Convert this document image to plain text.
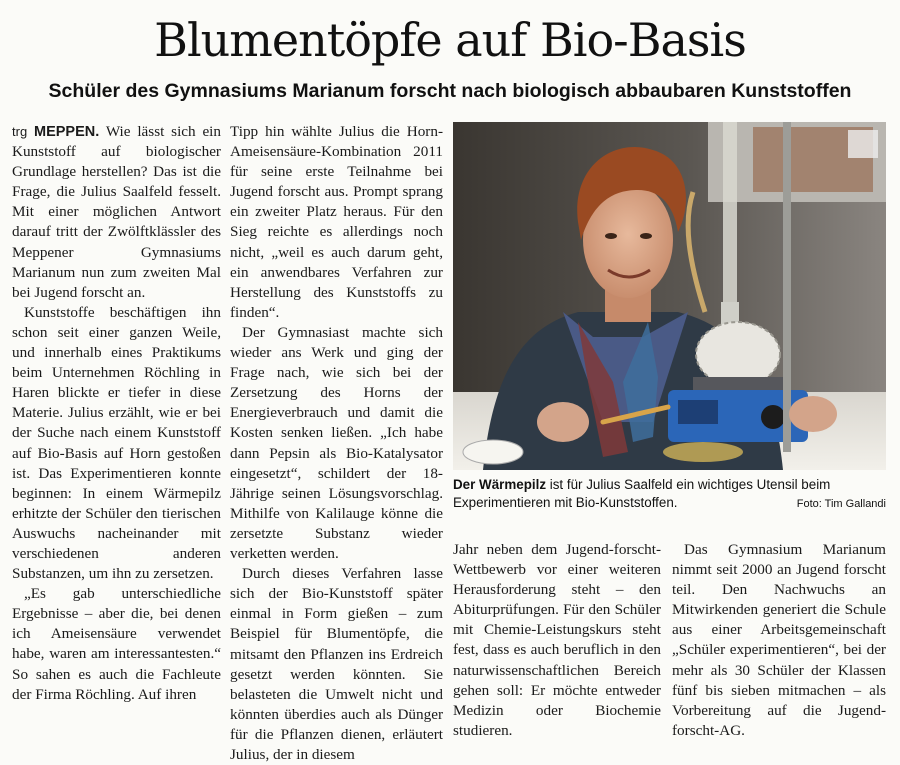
Blumentöpfe auf Bio-Basis
Schüler des Gymnasiums Marianum forscht nach biologisch abbaubaren Kunststoffen

trg MEPPEN. Wie lässt sich ein Kunststoff auf biologischer Grundlage herstellen? Das ist die Frage, die Julius Saalfeld fesselt. Mit einer möglichen Antwort darauf tritt der Zwölftklässler des Meppener Gymnasiums Marianum nun zum zweiten Mal bei Jugend forscht an.

Kunststoffe beschäftigen ihn schon seit einer ganzen Weile, und innerhalb eines Praktikums beim Unternehmen Röchling in Haren blickte er tiefer in diese Materie. Julius erzählt, wie er bei der Suche nach einem Kunststoff auf Bio-Basis auf Horn gestoßen ist. Das Experimentieren konnte beginnen: In einem Wärmepilz erhitzte der Schüler den tierischen Auswuchs nacheinander mit verschiedenen anderen Substanzen, um ihn zu zersetzen.

„Es gab unterschiedliche Ergebnisse – aber die, bei denen ich Ameisensäure verwendet habe, waren am interessantesten.“ So sahen es auch die Fachleute der Firma Röchling. Auf ihren

Der Wärmepilz ist für Julius Saalfeld ein wichtiges Utensil beim Experimentieren mit Bio-Kunststoffen.	Foto: Tim Gallandi

Der Gymnasiast machte sich wieder ans Werk und ging der Frage nach, wie sich bei der Zersetzung des Horns der Energieverbrauch und damit die Kosten senken ließen. „Ich habe dann Pepsin als Bio-Katalysator eingesetzt“, schildert der 18-Jährige seinen Lösungsvorschlag. Mithilfe von Kalilauge könne die zersetzte Substanz wieder verketten werden.

Durch dieses Verfahren lasse sich der Bio-Kunststoff später einmal in Form gießen – zum Beispiel für Blumentöpfe, die mitsamt den Pflanzen ins Erdreich gesetzt werden könnten. Sie belasteten die Umwelt nicht und könnten überdies auch als Dünger für die Pflanzen dienen, erläutert Julius, der in diesem

Jahr neben dem Jugend-forscht-Wettbewerb vor einer weiteren Herausforderung steht – den Abiturprüfungen. Für den Schüler mit Chemie-Leistungskurs steht fest, dass es auch beruflich in den naturwissenschaftlichen Bereich gehen soll: Er möchte entweder Medizin oder Biochemie studieren.

Das Gymnasium Marianum nimmt seit 2000 an Jugend forscht teil. Den Nachwuchs an Mitwirkenden generiert die Schule aus einer Arbeitsgemeinschaft „Schüler experimentieren“, bei der mehr als 30 Schüler der Klassen fünf bis sieben mitmachen – als Vorbereitung auf die Jugend-forscht-AG.

Tipp hin wählte Julius die Horn-Ameisensäure-Kombination 2011 für seine erste Teilnahme bei Jugend forscht aus. Prompt sprang ein zweiter Platz heraus. Für den Sieg reichte es allerdings noch nicht, „weil es auch darum geht, ein anwendbares Verfahren zur Herstellung des Kunststoffs zu finden“.
